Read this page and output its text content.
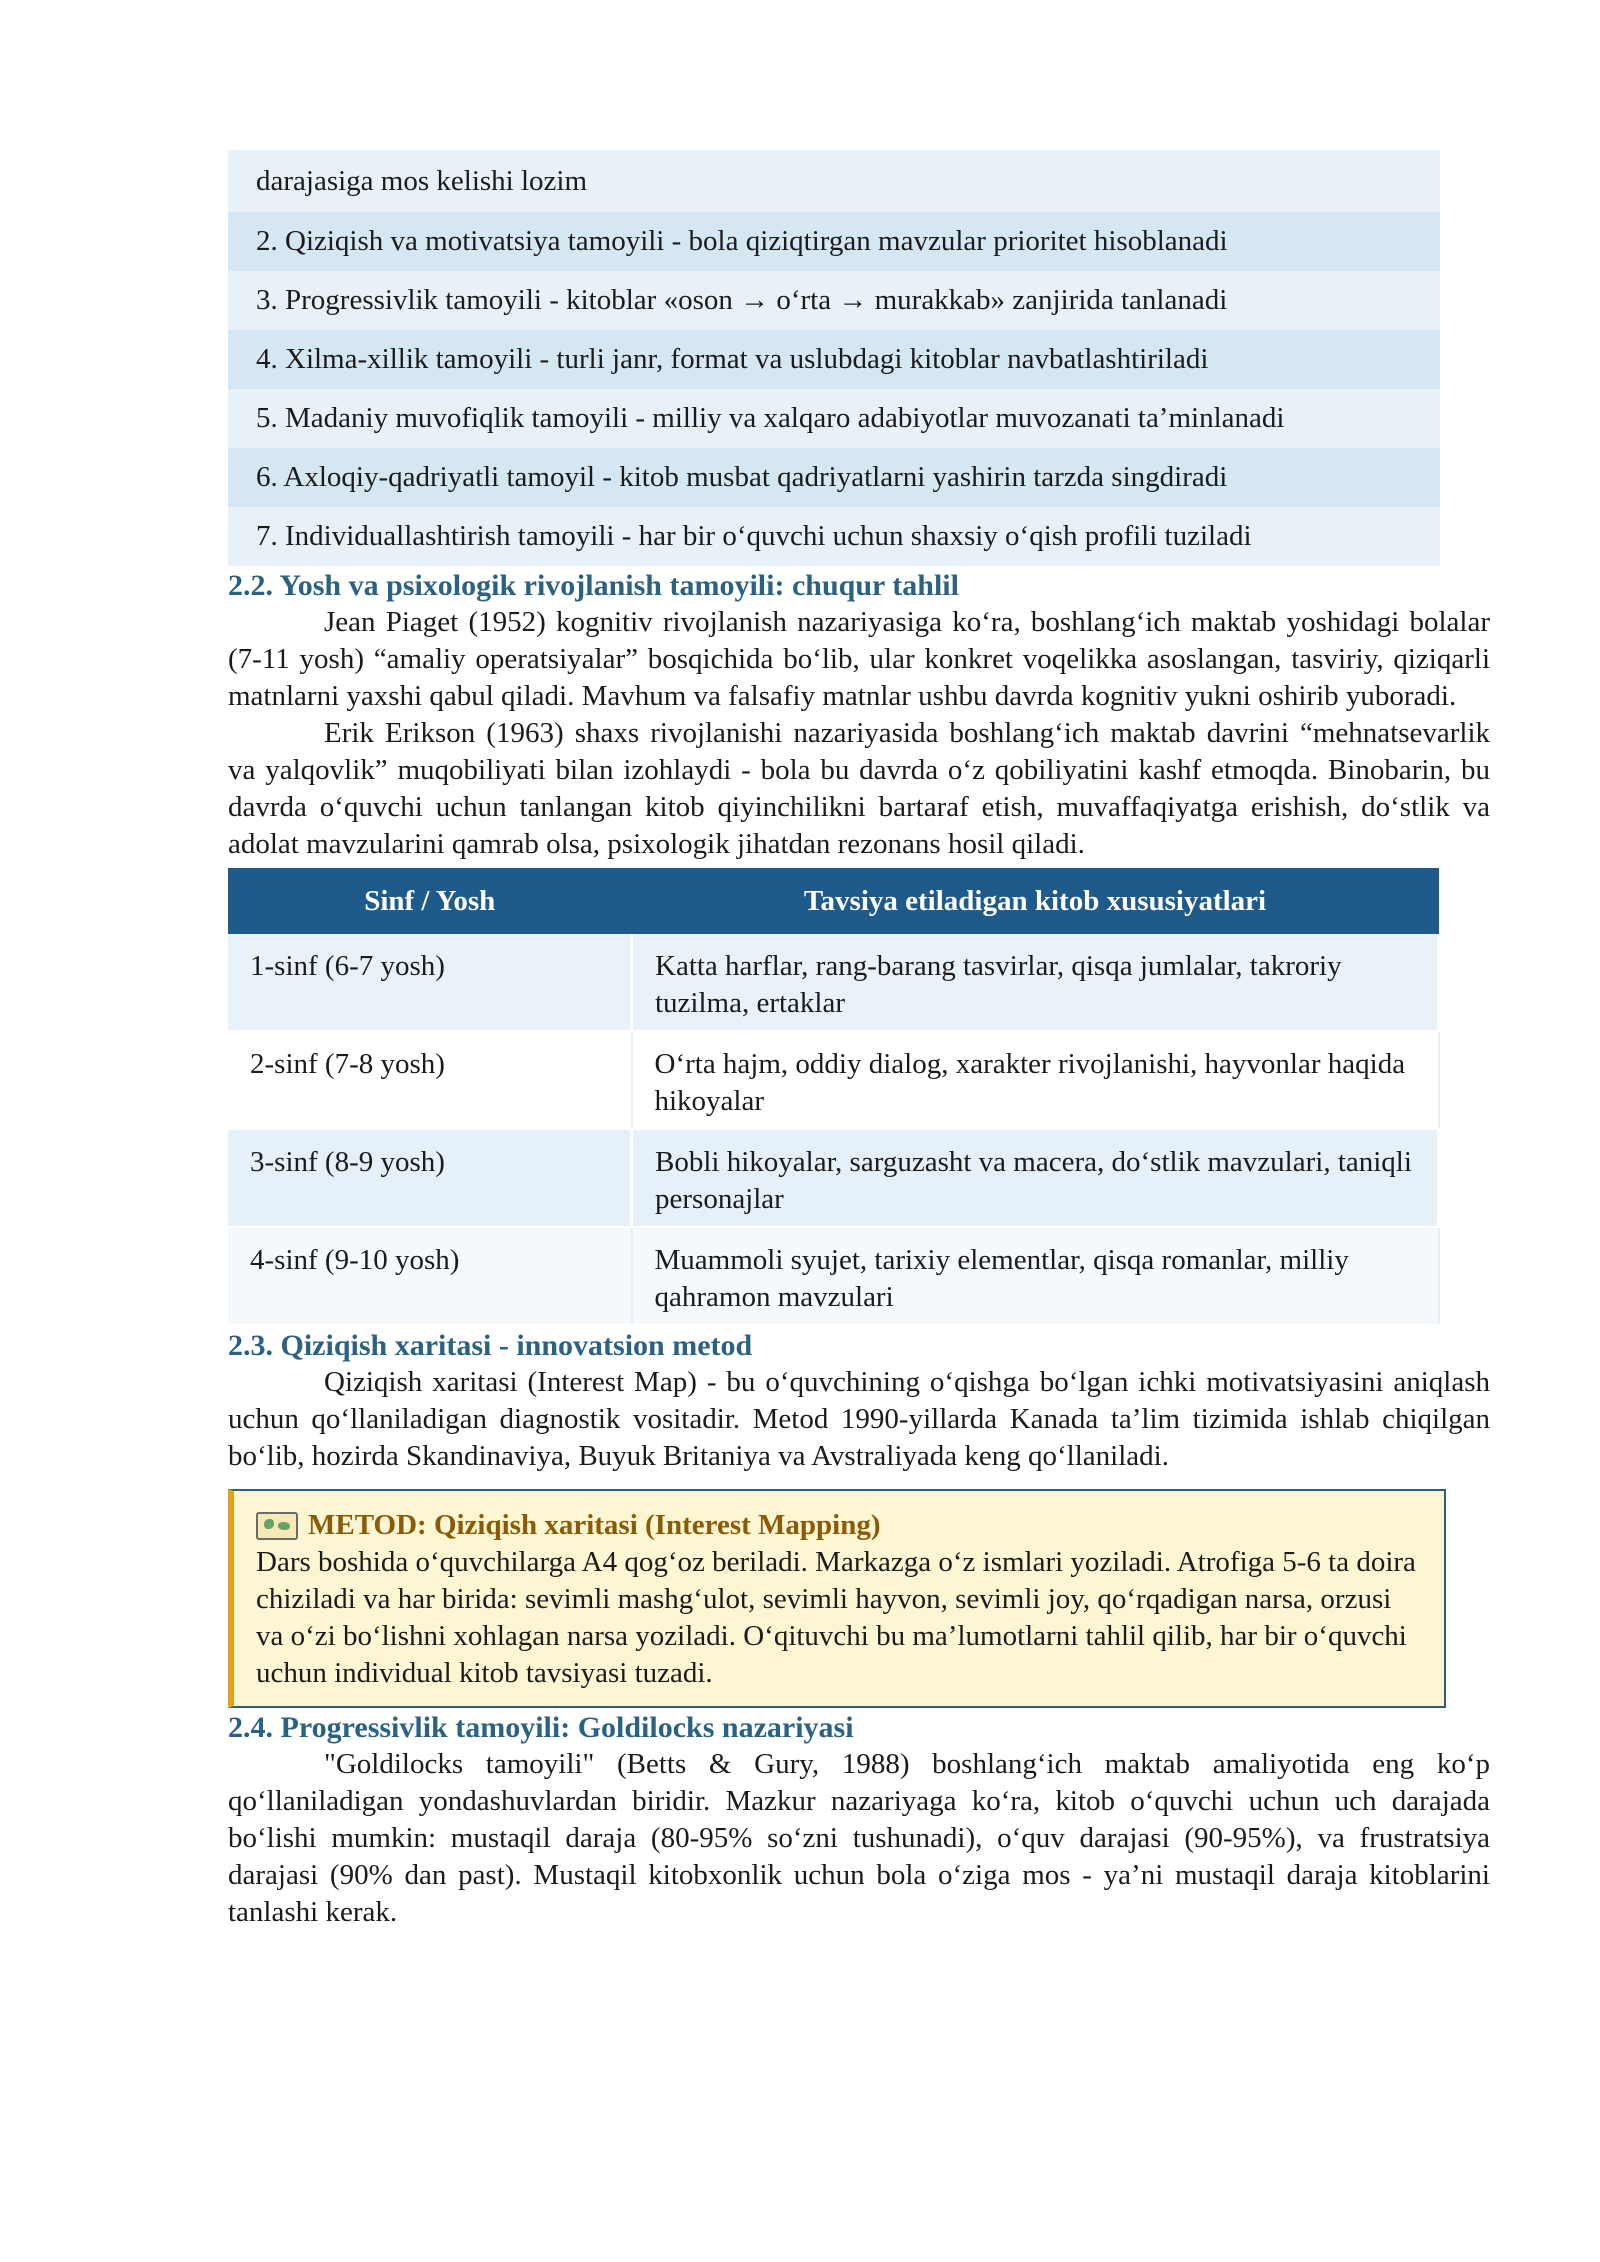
darajasiga mos kelishi lozim
2. Qiziqish va motivatsiya tamoyili - bola qiziqtirgan mavzular prioritet hisoblanadi
3. Progressivlik tamoyili - kitoblar «oson → o‘rta → murakkab» zanjirida tanlanadi
4. Xilma-xillik tamoyili - turli janr, format va uslubdagi kitoblar navbatlashtiriladi
5. Madaniy muvofiqlik tamoyili - milliy va xalqaro adabiyotlar muvozanati ta’minlanadi
6. Axloqiy-qadriyatli tamoyil - kitob musbat qadriyatlarni yashirin tarzda singdiradi
7. Individuallashtirish tamoyili - har bir o‘quvchi uchun shaxsiy o‘qish profili tuziladi
2.2. Yosh va psixologik rivojlanish tamoyili: chuqur tahlil

Jean Piaget (1952) kognitiv rivojlanish nazariyasiga ko‘ra, boshlang‘ich maktab yoshidagi bolalar (7-11 yosh) “amaliy operatsiyalar” bosqichida bo‘lib, ular konkret voqelikka asoslangan, tasviriy, qiziqarli matnlarni yaxshi qabul qiladi. Mavhum va falsafiy matnlar ushbu davrda kognitiv yukni oshirib yuboradi.

Erik Erikson (1963) shaxs rivojlanishi nazariyasida boshlang‘ich maktab davrini “mehnatsevarlik va yalqovlik” muqobiliyati bilan izohlaydi - bola bu davrda o‘z qobiliyatini kashf etmoqda. Binobarin, bu davrda o‘quvchi uchun tanlangan kitob qiyinchilikni bartaraf etish, muvaffaqiyatga erishish, do‘stlik va adolat mavzularini qamrab olsa, psixologik jihatdan rezonans hosil qiladi.

Sinf / Yosh	Tavsiya etiladigan kitob xususiyatlari
1-sinf (6-7 yosh)	Katta harflar, rang-barang tasvirlar, qisqa jumlalar, takroriy tuzilma, ertaklar
2-sinf (7-8 yosh)	O‘rta hajm, oddiy dialog, xarakter rivojlanishi, hayvonlar haqida hikoyalar
3-sinf (8-9 yosh)	Bobli hikoyalar, sarguzasht va macera, do‘stlik mavzulari, taniqli personajlar
4-sinf (9-10 yosh)	Muammoli syujet, tarixiy elementlar, qisqa romanlar, milliy qahramon mavzulari
2.3. Qiziqish xaritasi - innovatsion metod

Qiziqish xaritasi (Interest Map) - bu o‘quvchining o‘qishga bo‘lgan ichki motivatsiyasini aniqlash uchun qo‘llaniladigan diagnostik vositadir. Metod 1990-yillarda Kanada ta’lim tizimida ishlab chiqilgan bo‘lib, hozirda Skandinaviya, Buyuk Britaniya va Avstraliyada keng qo‘llaniladi.

METOD: Qiziqish xaritasi (Interest Mapping)
Dars boshida o‘quvchilarga A4 qog‘oz beriladi. Markazga o‘z ismlari yoziladi. Atrofiga 5-6 ta doira chiziladi va har birida: sevimli mashg‘ulot, sevimli hayvon, sevimli joy, qo‘rqadigan narsa, orzusi va o‘zi bo‘lishni xohlagan narsa yoziladi. O‘qituvchi bu ma’lumotlarni tahlil qilib, har bir o‘quvchi uchun individual kitob tavsiyasi tuzadi.
2.4. Progressivlik tamoyili: Goldilocks nazariyasi

"Goldilocks tamoyili" (Betts & Gury, 1988) boshlang‘ich maktab amaliyotida eng ko‘p qo‘llaniladigan yondashuvlardan biridir. Mazkur nazariyaga ko‘ra, kitob o‘quvchi uchun uch darajada bo‘lishi mumkin: mustaqil daraja (80-95% so‘zni tushunadi), o‘quv darajasi (90-95%), va frustratsiya darajasi (90% dan past). Mustaqil kitobxonlik uchun bola o‘ziga mos - ya’ni mustaqil daraja kitoblarini tanlashi kerak.
